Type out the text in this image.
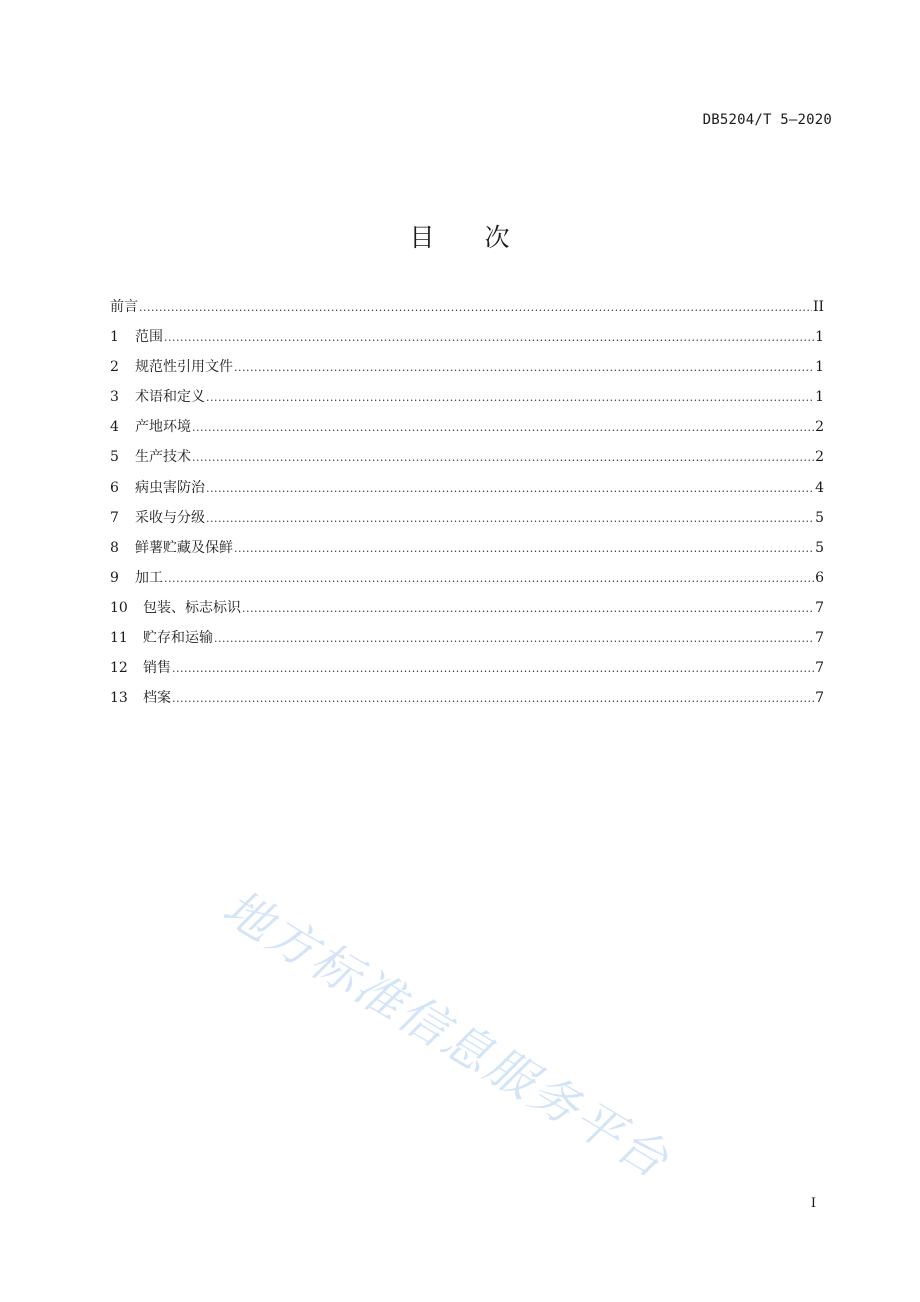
DB5204/T 5—2020
目 次
前言 .....	II
1	范围 .....	1
2	规范性引用文件 .....	1
3	术语和定义 .....	1
4	产地环境 .....	2
5	生产技术 .....	2
6	病虫害防治 .....	4
7	采收与分级 .....	5
8	鲜薯贮藏及保鲜 .....	5
9	加工 .....	6
10	包装、标志标识 .....	7
11	贮存和运输 .....	7
12	销售 .....	7
13	档案 .....	7
地方标准信息服务平台
I
